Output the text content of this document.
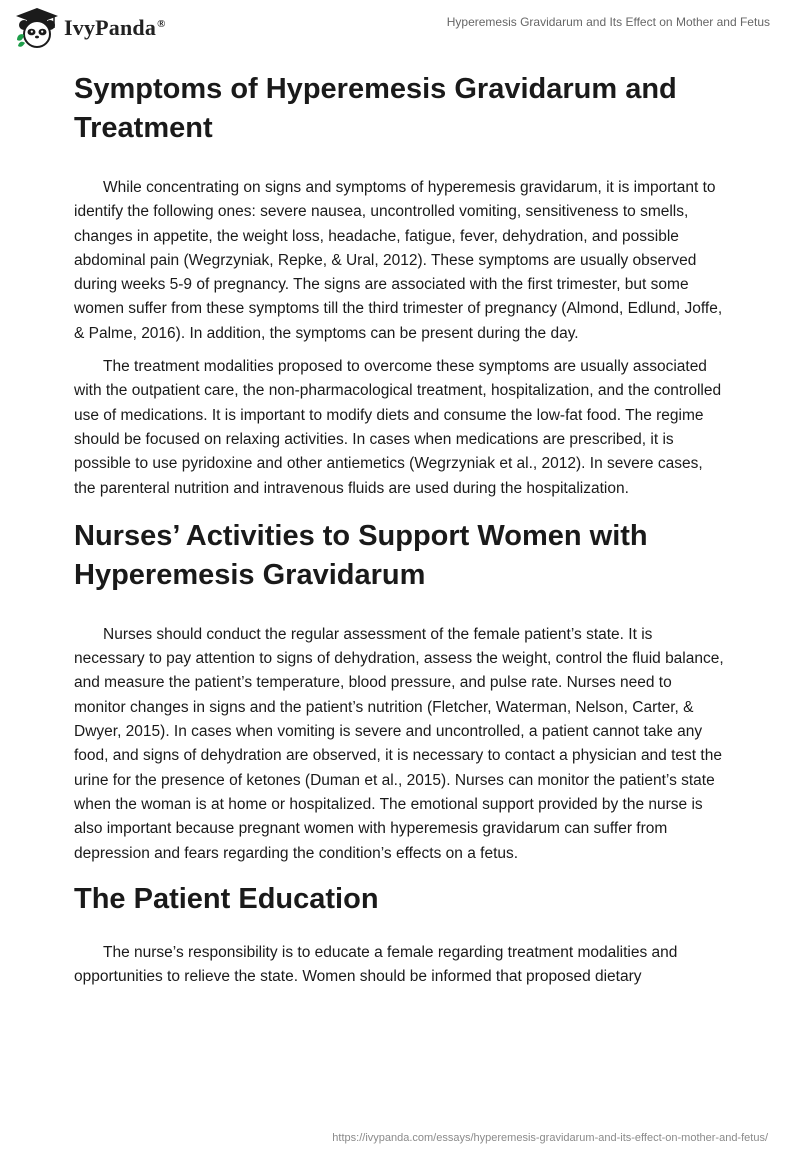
IvyPanda®	Hyperemesis Gravidarum and Its Effect on Mother and Fetus
Symptoms of Hyperemesis Gravidarum and Treatment

While concentrating on signs and symptoms of hyperemesis gravidarum, it is important to identify the following ones: severe nausea, uncontrolled vomiting, sensitiveness to smells, changes in appetite, the weight loss, headache, fatigue, fever, dehydration, and possible abdominal pain (Wegrzyniak, Repke, & Ural, 2012). These symptoms are usually observed during weeks 5-9 of pregnancy. The signs are associated with the first trimester, but some women suffer from these symptoms till the third trimester of pregnancy (Almond, Edlund, Joffe, & Palme, 2016). In addition, the symptoms can be present during the day.

The treatment modalities proposed to overcome these symptoms are usually associated with the outpatient care, the non-pharmacological treatment, hospitalization, and the controlled use of medications. It is important to modify diets and consume the low-fat food. The regime should be focused on relaxing activities. In cases when medications are prescribed, it is possible to use pyridoxine and other antiemetics (Wegrzyniak et al., 2012). In severe cases, the parenteral nutrition and intravenous fluids are used during the hospitalization.

Nurses’ Activities to Support Women with Hyperemesis Gravidarum

Nurses should conduct the regular assessment of the female patient’s state. It is necessary to pay attention to signs of dehydration, assess the weight, control the fluid balance, and measure the patient’s temperature, blood pressure, and pulse rate. Nurses need to monitor changes in signs and the patient’s nutrition (Fletcher, Waterman, Nelson, Carter, & Dwyer, 2015). In cases when vomiting is severe and uncontrolled, a patient cannot take any food, and signs of dehydration are observed, it is necessary to contact a physician and test the urine for the presence of ketones (Duman et al., 2015). Nurses can monitor the patient’s state when the woman is at home or hospitalized. The emotional support provided by the nurse is also important because pregnant women with hyperemesis gravidarum can suffer from depression and fears regarding the condition’s effects on a fetus.

The Patient Education

The nurse’s responsibility is to educate a female regarding treatment modalities and opportunities to relieve the state. Women should be informed that proposed dietary

https://ivypanda.com/essays/hyperemesis-gravidarum-and-its-effect-on-mother-and-fetus/
